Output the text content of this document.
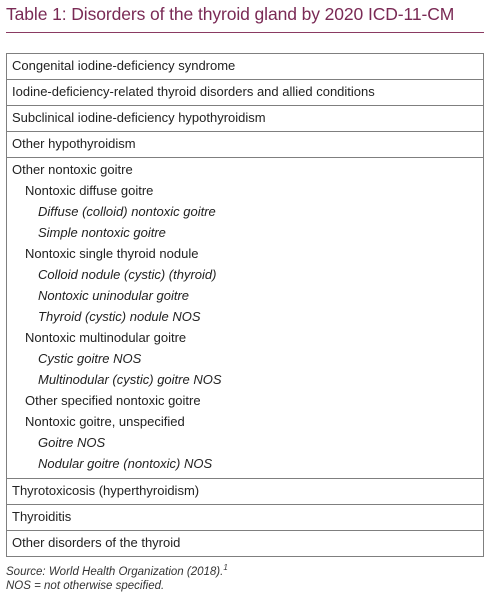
Table 1: Disorders of the thyroid gland by 2020 ICD-11-CM
Congenital iodine-deficiency syndrome
Iodine-deficiency-related thyroid disorders and allied conditions
Subclinical iodine-deficiency hypothyroidism
Other hypothyroidism
Other nontoxic goitre
Nontoxic diffuse goitre
Diffuse (colloid) nontoxic goitre
Simple nontoxic goitre
Nontoxic single thyroid nodule
Colloid nodule (cystic) (thyroid)
Nontoxic uninodular goitre
Thyroid (cystic) nodule NOS
Nontoxic multinodular goitre
Cystic goitre NOS
Multinodular (cystic) goitre NOS
Other specified nontoxic goitre
Nontoxic goitre, unspecified
Goitre NOS
Nodular goitre (nontoxic) NOS
Thyrotoxicosis (hyperthyroidism)
Thyroiditis
Other disorders of the thyroid
Source: World Health Organization (2018).$^1$
NOS = not otherwise specified.
